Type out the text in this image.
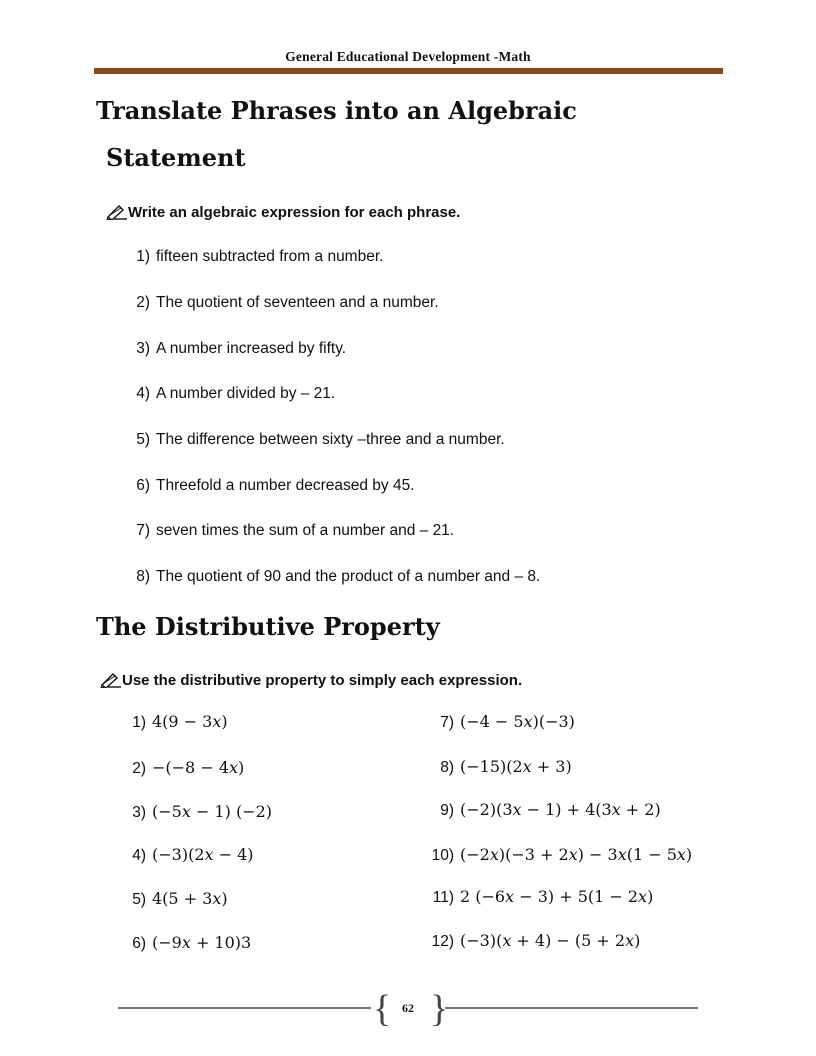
General Educational Development -Math
Translate Phrases into an Algebraic
Statement
Write an algebraic expression for each phrase.
1) fifteen subtracted from a number.
2) The quotient of seventeen and a number.
3) A number increased by fifty.
4) A number divided by – 21.
5) The difference between sixty –three and a number.
6) Threefold a number decreased by 45.
7) seven times the sum of a number and – 21.
8) The quotient of 90 and the product of a number and – 8.
The Distributive Property
Use the distributive property to simply each expression.
1) 4(9 − 3𝑥)
2) −(−8 − 4𝑥)
3) (−5𝑥 − 1) (−2)
4) (−3)(2𝑥 − 4)
5) 4(5 + 3𝑥)
6) (−9𝑥 + 10)3
7) (−4 − 5𝑥)(−3)
8) (−15)(2𝑥 + 3)
9) (−2)(3𝑥 − 1) + 4(3𝑥 + 2)
10) (−2𝑥)(−3 + 2𝑥) − 3𝑥(1 − 5𝑥)
11) 2 (−6𝑥 − 3) + 5(1 − 2𝑥)
12) (−3)(𝑥 + 4) − (5 + 2𝑥)
{ }
62
